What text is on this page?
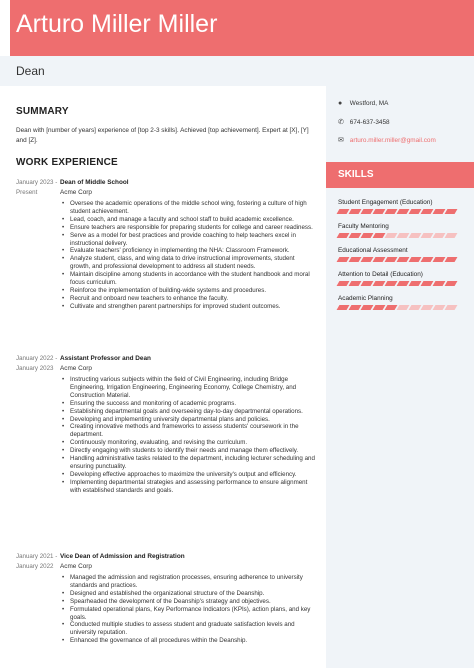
Arturo Miller Miller
Dean
SUMMARY
Dean with [number of years] experience of [top 2-3 skills]. Achieved [top achievement]. Expert at [X], [Y] and [Z].
WORK EXPERIENCE
January 2023 - Present
Dean of Middle School
Acme Corp
• Oversee the academic operations of the middle school wing, fostering a culture of high student achievement.
• Lead, coach, and manage a faculty and school staff to build academic excellence.
• Ensure teachers are responsible for preparing students for college and career readiness.
• Serve as a model for best practices and provide coaching to help teachers excel in instructional delivery.
• Evaluate teachers' proficiency in implementing the NHA: Classroom Framework.
• Analyze student, class, and wing data to drive instructional improvements, student growth, and professional development to address all student needs.
• Maintain discipline among students in accordance with the student handbook and moral focus curriculum.
• Reinforce the implementation of building-wide systems and procedures.
• Recruit and onboard new teachers to enhance the faculty.
• Cultivate and strengthen parent partnerships for improved student outcomes.
January 2022 - January 2023
Assistant Professor and Dean
Acme Corp
• Instructing various subjects within the field of Civil Engineering, including Bridge Engineering, Irrigation Engineering, Engineering Economy, College Chemistry, and Construction Material.
• Ensuring the success and monitoring of academic programs.
• Establishing departmental goals and overseeing day-to-day departmental operations.
• Developing and implementing university departmental plans and policies.
• Creating innovative methods and frameworks to assess students' coursework in the department.
• Continuously monitoring, evaluating, and revising the curriculum.
• Directly engaging with students to identify their needs and manage them effectively.
• Handling administrative tasks related to the department, including lecturer scheduling and ensuring punctuality.
• Developing effective approaches to maximize the university's output and efficiency.
• Implementing departmental strategies and assessing performance to ensure alignment with established standards and goals.
January 2021 - January 2022
Vice Dean of Admission and Registration
Acme Corp
• Managed the admission and registration processes, ensuring adherence to university standards and practices.
• Designed and established the organizational structure of the Deanship.
• Spearheaded the development of the Deanship's strategy and objectives.
• Formulated operational plans, Key Performance Indicators (KPIs), action plans, and key goals.
• Conducted multiple studies to assess student and graduate satisfaction levels and university reputation.
• Enhanced the governance of all procedures within the Deanship.
● Westford, MA
✆ 674-637-3458
✉ arturo.miller.miller@gmail.com
SKILLS
Student Engagement (Education)
Faculty Mentoring
Educational Assessment
Attention to Detail (Education)
Academic Planning
